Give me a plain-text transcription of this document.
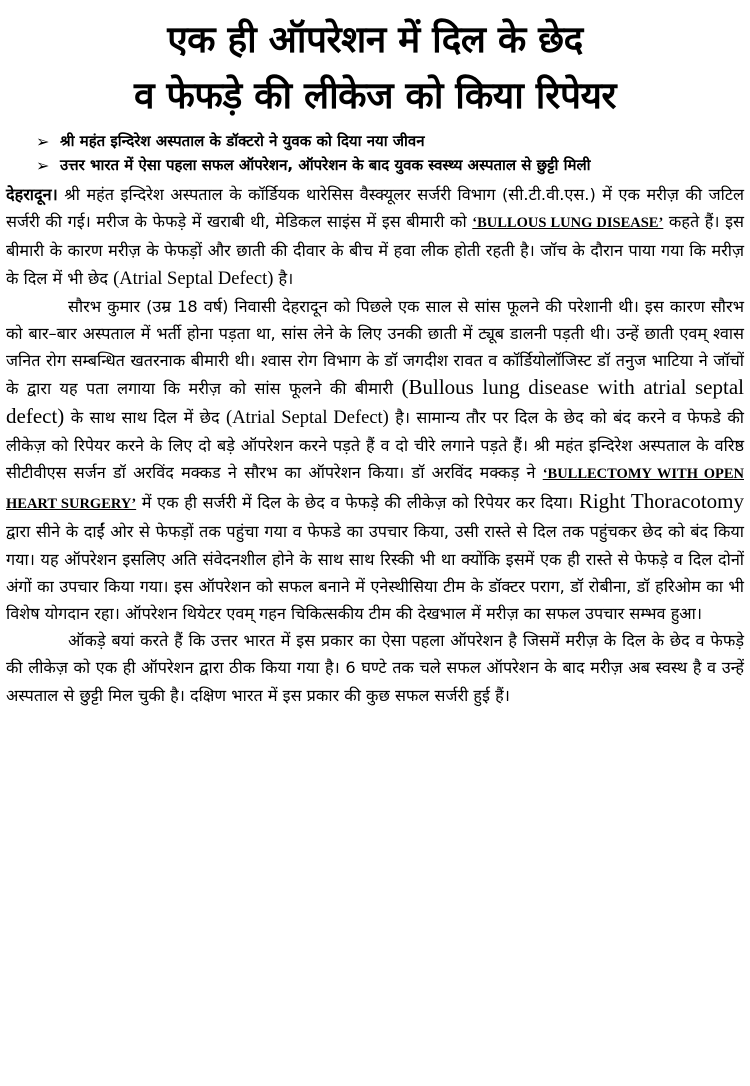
एक ही ऑपरेशन में दिल के छेद
व फेफड़े की लीकेज को किया रिपेयर
➢ श्री महंत इन्दिरेश अस्पताल के डॉक्टरो ने युवक को दिया नया जीवन
➢ उत्तर भारत में ऐसा पहला सफल ऑपरेशन, ऑपरेशन के बाद युवक स्वस्थ्य अस्पताल से छुट्टी मिली

देहरादून। श्री महंत इन्दिरेश अस्पताल के कॉर्डियक थारेसिस वैस्क्यूलर सर्जरी विभाग (सी.टी.वी.एस.) में एक मरीज़ की जटिल सर्जरी की गई। मरीज के फेफड़े में खराबी थी, मेडिकल साइंस में इस बीमारी को ‘BULLOUS LUNG DISEASE’ कहते हैं। इस बीमारी के कारण मरीज़ के फेफड़ों और छाती की दीवार के बीच में हवा लीक होती रहती है। जॉच के दौरान पाया गया कि मरीज़ के दिल में भी छेद (Atrial Septal Defect) है।

सौरभ कुमार (उम्र 18 वर्ष) निवासी देहरादून को पिछले एक साल से सांस फूलने की परेशानी थी। इस कारण सौरभ को बार–बार अस्पताल में भर्ती होना पड़ता था, सांस लेने के लिए उनकी छाती में ट्यूब डालनी पड़ती थी। उन्हें छाती एवम् श्वास जनित रोग सम्बन्धित खतरनाक बीमारी थी। श्वास रोग विभाग के डॉ जगदीश रावत व कॉर्डियोलॉजिस्ट डॉ तनुज भाटिया ने जॉचों के द्वारा यह पता लगाया कि मरीज़ को सांस फूलने की बीमारी (Bullous lung disease with atrial septal defect) के साथ साथ दिल में छेद (Atrial Septal Defect) है। सामान्य तौर पर दिल के छेद को बंद करने व फेफडे की लीकेज़ को रिपेयर करने के लिए दो बड़े ऑपरेशन करने पड़ते हैं व दो चीरे लगाने पड़ते हैं। श्री महंत इन्दिरेश अस्पताल के वरिष्ठ सीटीवीएस सर्जन डॉ अरविंद मक्कड ने सौरभ का ऑपरेशन किया। डॉ अरविंद मक्कड़ ने ‘BULLECTOMY WITH OPEN HEART SURGERY’ में एक ही सर्जरी में दिल के छेद व फेफड़े की लीकेज़ को रिपेयर कर दिया। Right Thoracotomy द्वारा सीने के दाईं ओर से फेफड़ों तक पहुंचा गया व फेफडे का उपचार किया, उसी रास्ते से दिल तक पहुंचकर छेद को बंद किया गया। यह ऑपरेशन इसलिए अति संवेदनशील होने के साथ साथ रिस्की भी था क्योंकि इसमें एक ही रास्ते से फेफड़े व दिल दोनों अंगों का उपचार किया गया। इस ऑपरेशन को सफल बनाने में एनेस्थीसिया टीम के डॉक्टर पराग, डॉ रोबीना, डॉ हरिओम का भी विशेष योगदान रहा। ऑपरेशन थियेटर एवम् गहन चिकित्सकीय टीम की देखभाल में मरीज़ का सफल उपचार सम्भव हुआ।

ऑकड़े बयां करते हैं कि उत्तर भारत में इस प्रकार का ऐसा पहला ऑपरेशन है जिसमें मरीज़ के दिल के छेद व फेफड़े की लीकेज़ को एक ही ऑपरेशन द्वारा ठीक किया गया है। 6 घण्टे तक चले सफल ऑपरेशन के बाद मरीज़ अब स्वस्थ है व उन्हें अस्पताल से छुट्टी मिल चुकी है। दक्षिण भारत में इस प्रकार की कुछ सफल सर्जरी हुई हैं।
